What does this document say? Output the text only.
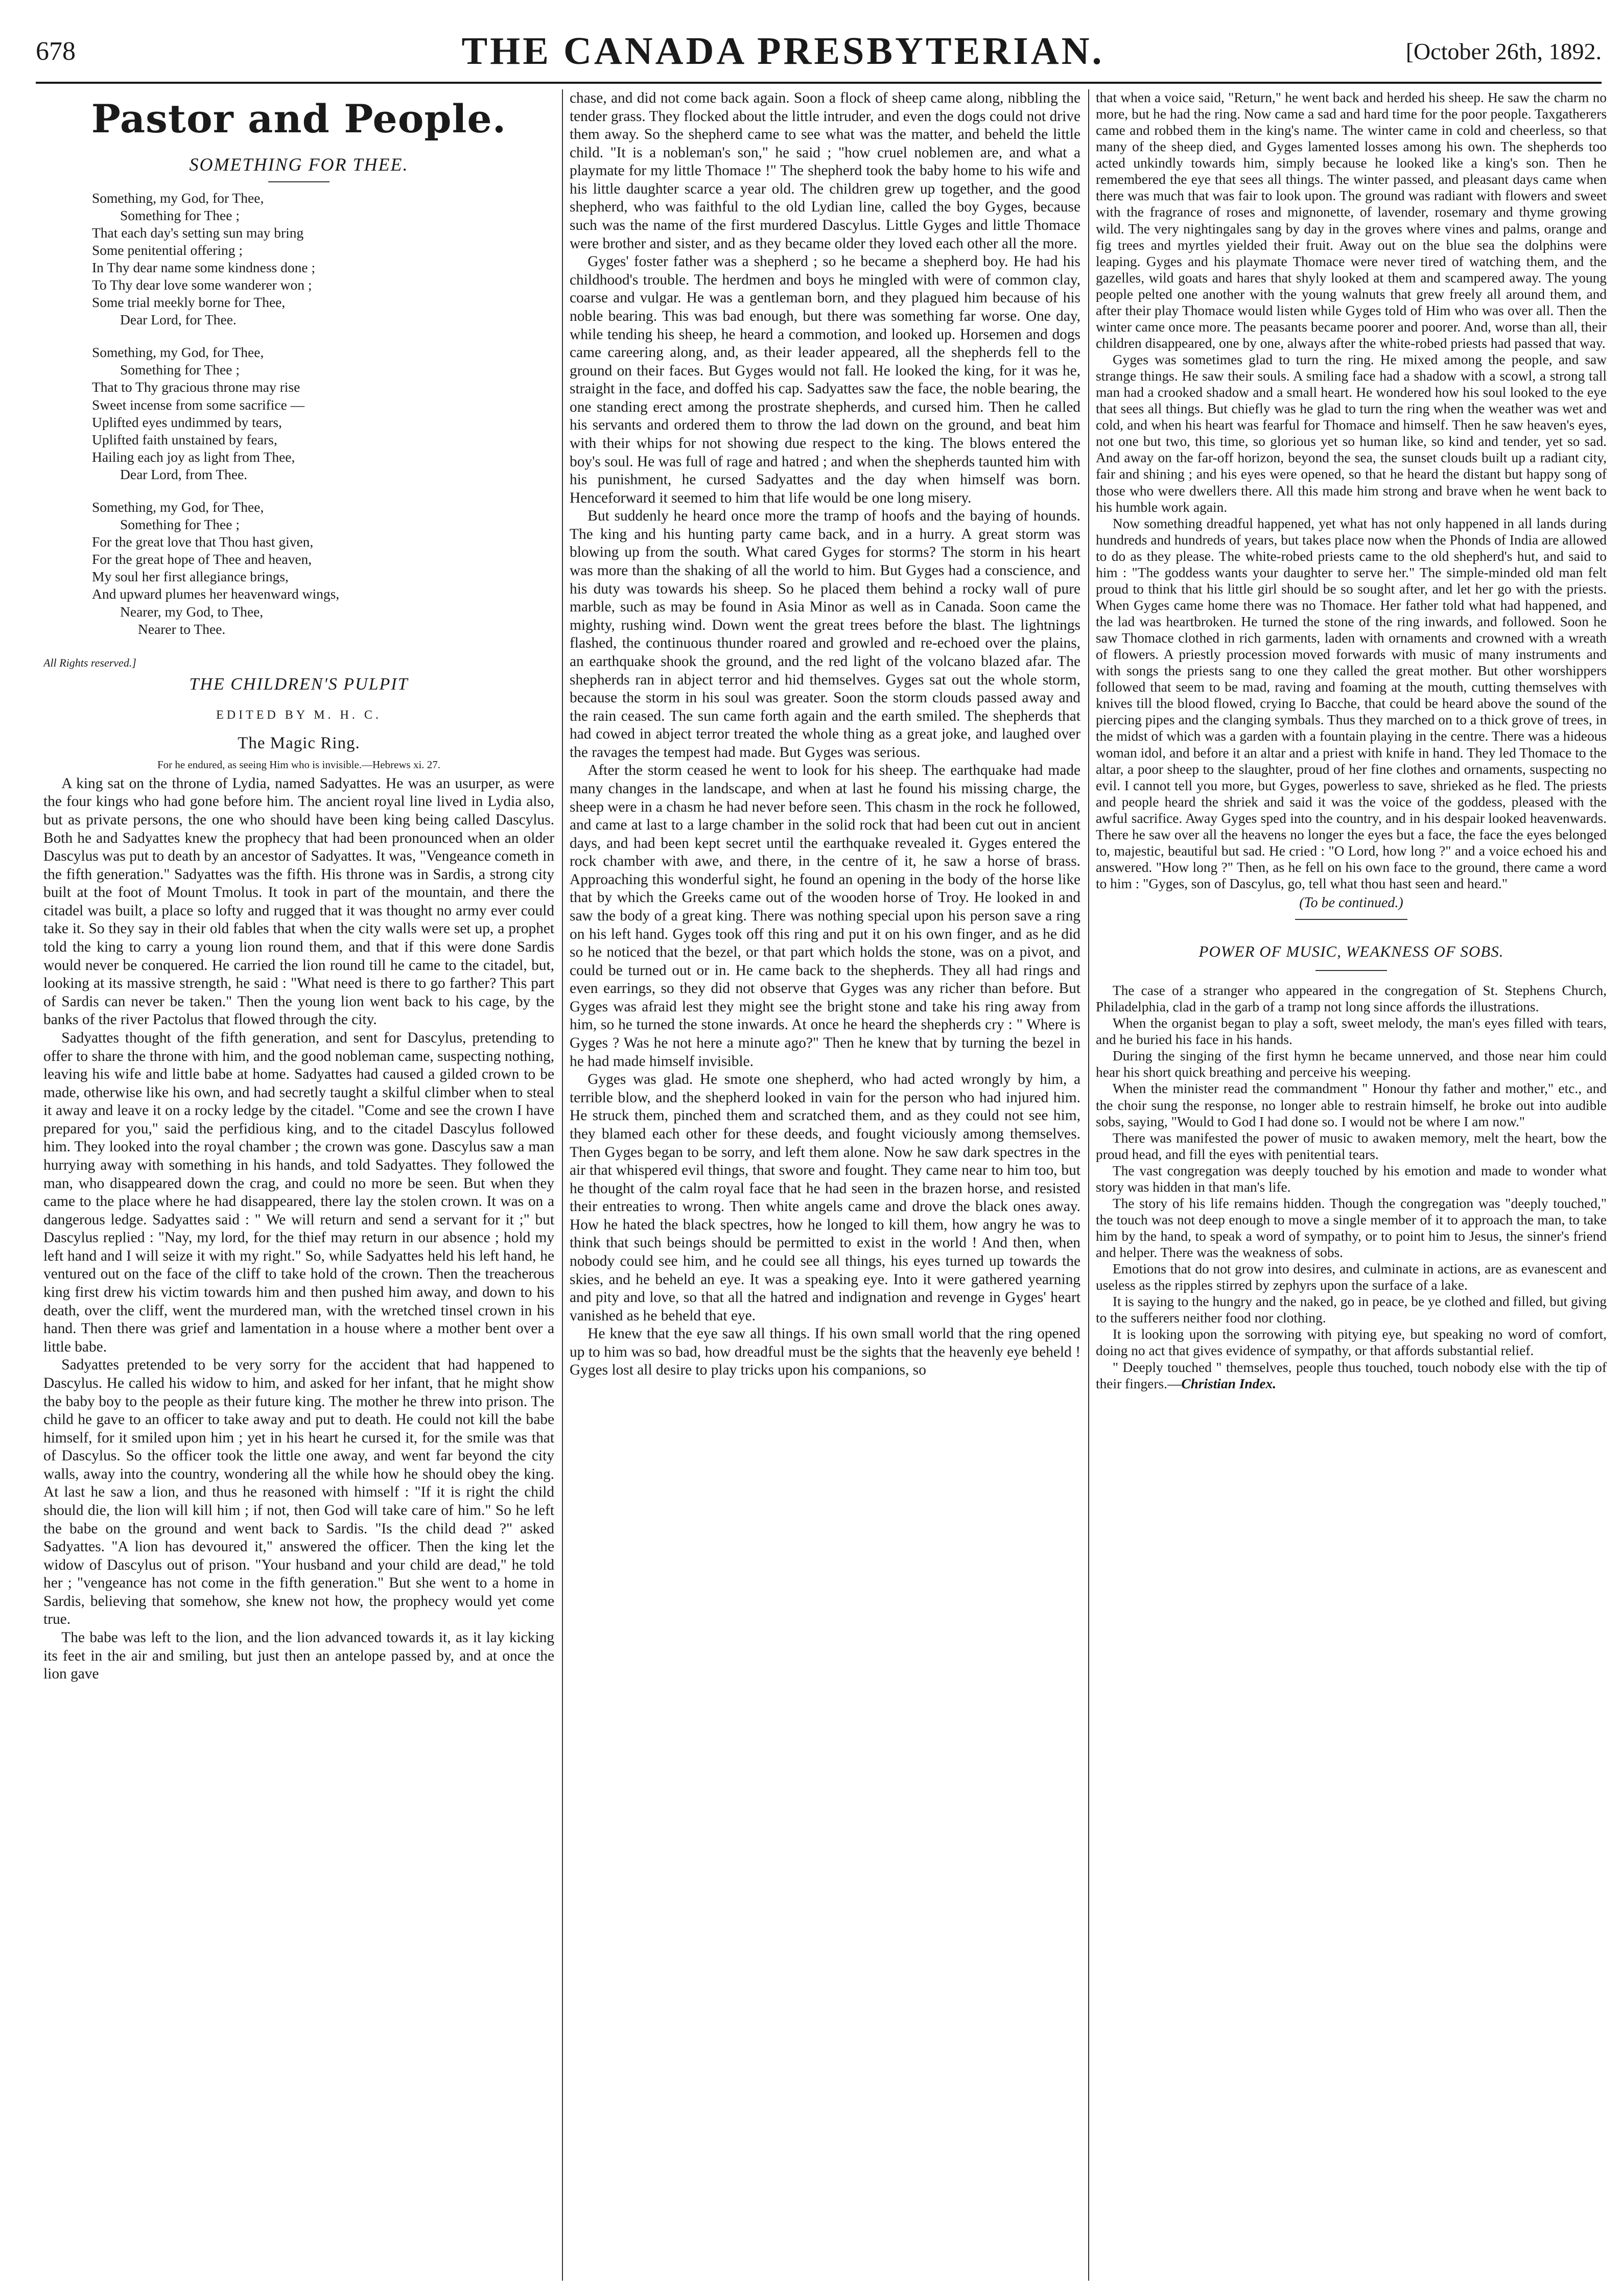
678	THE CANADA PRESBYTERIAN.	[October 26th, 1892.
Pastor and People.
SOMETHING FOR THEE.
Something, my God, for Thee,
Something for Thee ;
That each day's setting sun may bring
Some penitential offering ;
In Thy dear name some kindness done ;
To Thy dear love some wanderer won ;
Some trial meekly borne for Thee,
Dear Lord, for Thee.
Something, my God, for Thee,
Something for Thee ;
That to Thy gracious throne may rise
Sweet incense from some sacrifice —
Uplifted eyes undimmed by tears,
Uplifted faith unstained by fears,
Hailing each joy as light from Thee,
Dear Lord, from Thee.
Something, my God, for Thee,
Something for Thee ;
For the great love that Thou hast given,
For the great hope of Thee and heaven,
My soul her first allegiance brings,
And upward plumes her heavenward wings,
Nearer, my God, to Thee,
Nearer to Thee.
All Rights reserved.]
THE CHILDREN'S PULPIT
EDITED BY M. H. C.
The Magic Ring.
For he endured, as seeing Him who is invisible.—Hebrews xi. 27.

A king sat on the throne of Lydia, named Sadyattes. He was an usurper, as were the four kings who had gone before him. The ancient royal line lived in Lydia also, but as private persons, the one who should have been king being called Dascylus. Both he and Sadyattes knew the prophecy that had been pronounced when an older Dascylus was put to death by an ancestor of Sadyattes. It was, "Vengeance cometh in the fifth generation." Sadyattes was the fifth. His throne was in Sardis, a strong city built at the foot of Mount Tmolus. It took in part of the mountain, and there the citadel was built, a place so lofty and rugged that it was thought no army ever could take it. So they say in their old fables that when the city walls were set up, a prophet told the king to carry a young lion round them, and that if this were done Sardis would never be conquered. He carried the lion round till he came to the citadel, but, looking at its massive strength, he said : "What need is there to go farther? This part of Sardis can never be taken." Then the young lion went back to his cage, by the banks of the river Pactolus that flowed through the city.

Sadyattes thought of the fifth generation, and sent for Dascylus, pretending to offer to share the throne with him, and the good nobleman came, suspecting nothing, leaving his wife and little babe at home. Sadyattes had caused a gilded crown to be made, otherwise like his own, and had secretly taught a skilful climber when to steal it away and leave it on a rocky ledge by the citadel. "Come and see the crown I have prepared for you," said the perfidious king, and to the citadel Dascylus followed him. They looked into the royal chamber ; the crown was gone. Dascylus saw a man hurrying away with something in his hands, and told Sadyattes. They followed the man, who disappeared down the crag, and could no more be seen. But when they came to the place where he had disappeared, there lay the stolen crown. It was on a dangerous ledge. Sadyattes said : " We will return and send a servant for it ;" but Dascylus replied : "Nay, my lord, for the thief may return in our absence ; hold my left hand and I will seize it with my right." So, while Sadyattes held his left hand, he ventured out on the face of the cliff to take hold of the crown. Then the treacherous king first drew his victim towards him and then pushed him away, and down to his death, over the cliff, went the murdered man, with the wretched tinsel crown in his hand. Then there was grief and lamentation in a house where a mother bent over a little babe.

Sadyattes pretended to be very sorry for the accident that had happened to Dascylus. He called his widow to him, and asked for her infant, that he might show the baby boy to the people as their future king. The mother he threw into prison. The child he gave to an officer to take away and put to death. He could not kill the babe himself, for it smiled upon him ; yet in his heart he cursed it, for the smile was that of Dascylus. So the officer took the little one away, and went far beyond the city walls, away into the country, wondering all the while how he should obey the king. At last he saw a lion, and thus he reasoned with himself : "If it is right the child should die, the lion will kill him ; if not, then God will take care of him." So he left the babe on the ground and went back to Sardis. "Is the child dead ?" asked Sadyattes. "A lion has devoured it," answered the officer. Then the king let the widow of Dascylus out of prison. "Your husband and your child are dead," he told her ; "vengeance has not come in the fifth generation." But she went to a home in Sardis, believing that somehow, she knew not how, the prophecy would yet come true.

The babe was left to the lion, and the lion advanced towards it, as it lay kicking its feet in the air and smiling, but just then an antelope passed by, and at once the lion gave

chase, and did not come back again. Soon a flock of sheep came along, nibbling the tender grass. They flocked about the little intruder, and even the dogs could not drive them away. So the shepherd came to see what was the matter, and beheld the little child. "It is a nobleman's son," he said ; "how cruel noblemen are, and what a playmate for my little Thomace !" The shepherd took the baby home to his wife and his little daughter scarce a year old. The children grew up together, and the good shepherd, who was faithful to the old Lydian line, called the boy Gyges, because such was the name of the first murdered Dascylus. Little Gyges and little Thomace were brother and sister, and as they became older they loved each other all the more.

Gyges' foster father was a shepherd ; so he became a shepherd boy. He had his childhood's trouble. The herdmen and boys he mingled with were of common clay, coarse and vulgar. He was a gentleman born, and they plagued him because of his noble bearing. This was bad enough, but there was something far worse. One day, while tending his sheep, he heard a commotion, and looked up. Horsemen and dogs came careering along, and, as their leader appeared, all the shepherds fell to the ground on their faces. But Gyges would not fall. He looked the king, for it was he, straight in the face, and doffed his cap. Sadyattes saw the face, the noble bearing, the one standing erect among the prostrate shepherds, and cursed him. Then he called his servants and ordered them to throw the lad down on the ground, and beat him with their whips for not showing due respect to the king. The blows entered the boy's soul. He was full of rage and hatred ; and when the shepherds taunted him with his punishment, he cursed Sadyattes and the day when himself was born. Henceforward it seemed to him that life would be one long misery.

But suddenly he heard once more the tramp of hoofs and the baying of hounds. The king and his hunting party came back, and in a hurry. A great storm was blowing up from the south. What cared Gyges for storms? The storm in his heart was more than the shaking of all the world to him. But Gyges had a conscience, and his duty was towards his sheep. So he placed them behind a rocky wall of pure marble, such as may be found in Asia Minor as well as in Canada. Soon came the mighty, rushing wind. Down went the great trees before the blast. The lightnings flashed, the continuous thunder roared and growled and re-echoed over the plains, an earthquake shook the ground, and the red light of the volcano blazed afar. The shepherds ran in abject terror and hid themselves. Gyges sat out the whole storm, because the storm in his soul was greater. Soon the storm clouds passed away and the rain ceased. The sun came forth again and the earth smiled. The shepherds that had cowed in abject terror treated the whole thing as a great joke, and laughed over the ravages the tempest had made. But Gyges was serious.

After the storm ceased he went to look for his sheep. The earthquake had made many changes in the landscape, and when at last he found his missing charge, the sheep were in a chasm he had never before seen. This chasm in the rock he followed, and came at last to a large chamber in the solid rock that had been cut out in ancient days, and had been kept secret until the earthquake revealed it. Gyges entered the rock chamber with awe, and there, in the centre of it, he saw a horse of brass. Approaching this wonderful sight, he found an opening in the body of the horse like that by which the Greeks came out of the wooden horse of Troy. He looked in and saw the body of a great king. There was nothing special upon his person save a ring on his left hand. Gyges took off this ring and put it on his own finger, and as he did so he noticed that the bezel, or that part which holds the stone, was on a pivot, and could be turned out or in. He came back to the shepherds. They all had rings and even earrings, so they did not observe that Gyges was any richer than before. But Gyges was afraid lest they might see the bright stone and take his ring away from him, so he turned the stone inwards. At once he heard the shepherds cry : " Where is Gyges ? Was he not here a minute ago?" Then he knew that by turning the bezel in he had made himself invisible.

Gyges was glad. He smote one shepherd, who had acted wrongly by him, a terrible blow, and the shepherd looked in vain for the person who had injured him. He struck them, pinched them and scratched them, and as they could not see him, they blamed each other for these deeds, and fought viciously among themselves. Then Gyges began to be sorry, and left them alone. Now he saw dark spectres in the air that whispered evil things, that swore and fought. They came near to him too, but he thought of the calm royal face that he had seen in the brazen horse, and resisted their entreaties to wrong. Then white angels came and drove the black ones away. How he hated the black spectres, how he longed to kill them, how angry he was to think that such beings should be permitted to exist in the world ! And then, when nobody could see him, and he could see all things, his eyes turned up towards the skies, and he beheld an eye. It was a speaking eye. Into it were gathered yearning and pity and love, so that all the hatred and indignation and revenge in Gyges' heart vanished as he beheld that eye.

He knew that the eye saw all things. If his own small world that the ring opened up to him was so bad, how dreadful must be the sights that the heavenly eye beheld ! Gyges lost all desire to play tricks upon his companions, so

that when a voice said, "Return," he went back and herded his sheep. He saw the charm no more, but he had the ring. Now came a sad and hard time for the poor people. Taxgatherers came and robbed them in the king's name. The winter came in cold and cheerless, so that many of the sheep died, and Gyges lamented losses among his own. The shepherds too acted unkindly towards him, simply because he looked like a king's son. Then he remembered the eye that sees all things. The winter passed, and pleasant days came when there was much that was fair to look upon. The ground was radiant with flowers and sweet with the fragrance of roses and mignonette, of lavender, rosemary and thyme growing wild. The very nightingales sang by day in the groves where vines and palms, orange and fig trees and myrtles yielded their fruit. Away out on the blue sea the dolphins were leaping. Gyges and his playmate Thomace were never tired of watching them, and the gazelles, wild goats and hares that shyly looked at them and scampered away. The young people pelted one another with the young walnuts that grew freely all around them, and after their play Thomace would listen while Gyges told of Him who was over all. Then the winter came once more. The peasants became poorer and poorer. And, worse than all, their children disappeared, one by one, always after the white-robed priests had passed that way.

Gyges was sometimes glad to turn the ring. He mixed among the people, and saw strange things. He saw their souls. A smiling face had a shadow with a scowl, a strong tall man had a crooked shadow and a small heart. He wondered how his soul looked to the eye that sees all things. But chiefly was he glad to turn the ring when the weather was wet and cold, and when his heart was fearful for Thomace and himself. Then he saw heaven's eyes, not one but two, this time, so glorious yet so human like, so kind and tender, yet so sad. And away on the far-off horizon, beyond the sea, the sunset clouds built up a radiant city, fair and shining ; and his eyes were opened, so that he heard the distant but happy song of those who were dwellers there. All this made him strong and brave when he went back to his humble work again.

Now something dreadful happened, yet what has not only happened in all lands during hundreds and hundreds of years, but takes place now when the Phonds of India are allowed to do as they please. The white-robed priests came to the old shepherd's hut, and said to him : "The goddess wants your daughter to serve her." The simple-minded old man felt proud to think that his little girl should be so sought after, and let her go with the priests. When Gyges came home there was no Thomace. Her father told what had happened, and the lad was heartbroken. He turned the stone of the ring inwards, and followed. Soon he saw Thomace clothed in rich garments, laden with ornaments and crowned with a wreath of flowers. A priestly procession moved forwards with music of many instruments and with songs the priests sang to one they called the great mother. But other worshippers followed that seem to be mad, raving and foaming at the mouth, cutting themselves with knives till the blood flowed, crying Io Bacche, that could be heard above the sound of the piercing pipes and the clanging symbals. Thus they marched on to a thick grove of trees, in the midst of which was a garden with a fountain playing in the centre. There was a hideous woman idol, and before it an altar and a priest with knife in hand. They led Thomace to the altar, a poor sheep to the slaughter, proud of her fine clothes and ornaments, suspecting no evil. I cannot tell you more, but Gyges, powerless to save, shrieked as he fled. The priests and people heard the shriek and said it was the voice of the goddess, pleased with the awful sacrifice. Away Gyges sped into the country, and in his despair looked heavenwards. There he saw over all the heavens no longer the eyes but a face, the face the eyes belonged to, majestic, beautiful but sad. He cried : "O Lord, how long ?" and a voice echoed his and answered. "How long ?" Then, as he fell on his own face to the ground, there came a word to him : "Gyges, son of Dascylus, go, tell what thou hast seen and heard."

(To be continued.)
POWER OF MUSIC, WEAKNESS OF SOBS.

The case of a stranger who appeared in the congregation of St. Stephens Church, Philadelphia, clad in the garb of a tramp not long since affords the illustrations.

When the organist began to play a soft, sweet melody, the man's eyes filled with tears, and he buried his face in his hands.

During the singing of the first hymn he became unnerved, and those near him could hear his short quick breathing and perceive his weeping.

When the minister read the commandment " Honour thy father and mother," etc., and the choir sung the response, no longer able to restrain himself, he broke out into audible sobs, saying, "Would to God I had done so. I would not be where I am now."

There was manifested the power of music to awaken memory, melt the heart, bow the proud head, and fill the eyes with penitential tears.

The vast congregation was deeply touched by his emotion and made to wonder what story was hidden in that man's life.

The story of his life remains hidden. Though the congregation was "deeply touched," the touch was not deep enough to move a single member of it to approach the man, to take him by the hand, to speak a word of sympathy, or to point him to Jesus, the sinner's friend and helper. There was the weakness of sobs.

Emotions that do not grow into desires, and culminate in actions, are as evanescent and useless as the ripples stirred by zephyrs upon the surface of a lake.

It is saying to the hungry and the naked, go in peace, be ye clothed and filled, but giving to the sufferers neither food nor clothing.

It is looking upon the sorrowing with pitying eye, but speaking no word of comfort, doing no act that gives evidence of sympathy, or that affords substantial relief.

" Deeply touched " themselves, people thus touched, touch nobody else with the tip of their fingers.—Christian Index.
